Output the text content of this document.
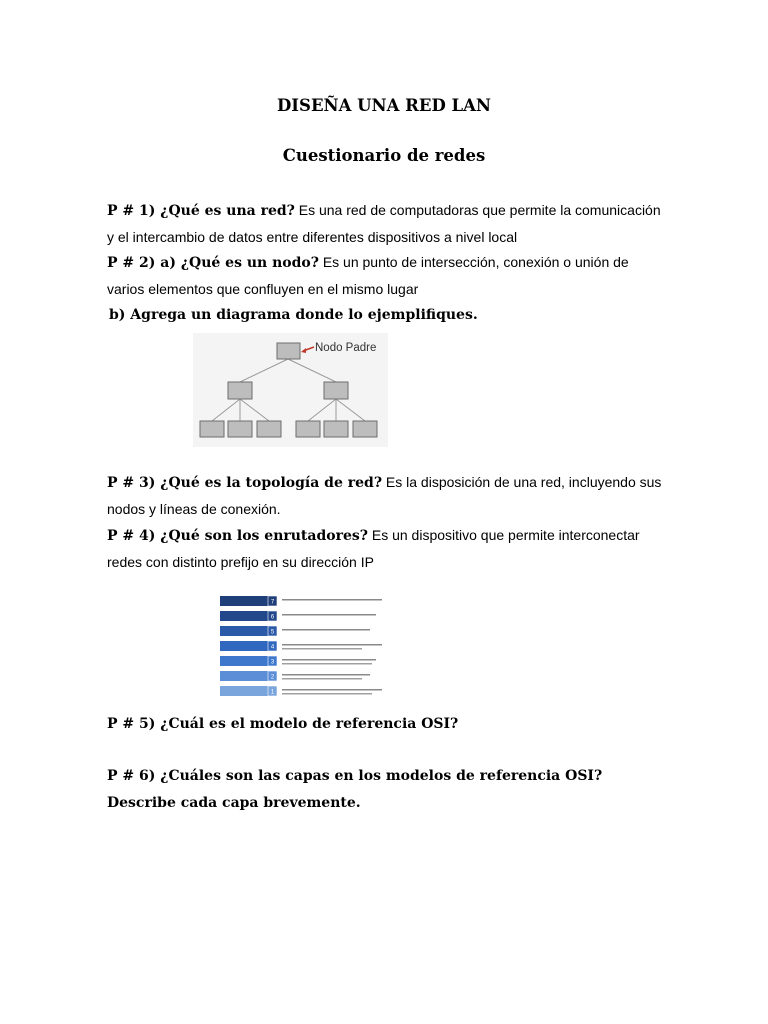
DISEÑA UNA RED LAN
Cuestionario de redes
P # 1) ¿Qué es una red? Es una red de computadoras que permite la comunicación y el intercambio de datos entre diferentes dispositivos a nivel local
P # 2) a) ¿Qué es un nodo? Es un punto de intersección, conexión o unión de varios elementos que confluyen en el mismo lugar
b) Agrega un diagrama donde lo ejemplifiques.
Nodo Padre
P # 3) ¿Qué es la topología de red? Es la disposición de una red, incluyendo sus nodos y líneas de conexión.
P # 4) ¿Qué son los enrutadores? Es un dispositivo que permite interconectar redes con distinto prefijo en su dirección IP
7
6
5
4
3
2
1
P # 5) ¿Cuál es el modelo de referencia OSI?
P # 6) ¿Cuáles son las capas en los modelos de referencia OSI? Describe cada capa brevemente.
